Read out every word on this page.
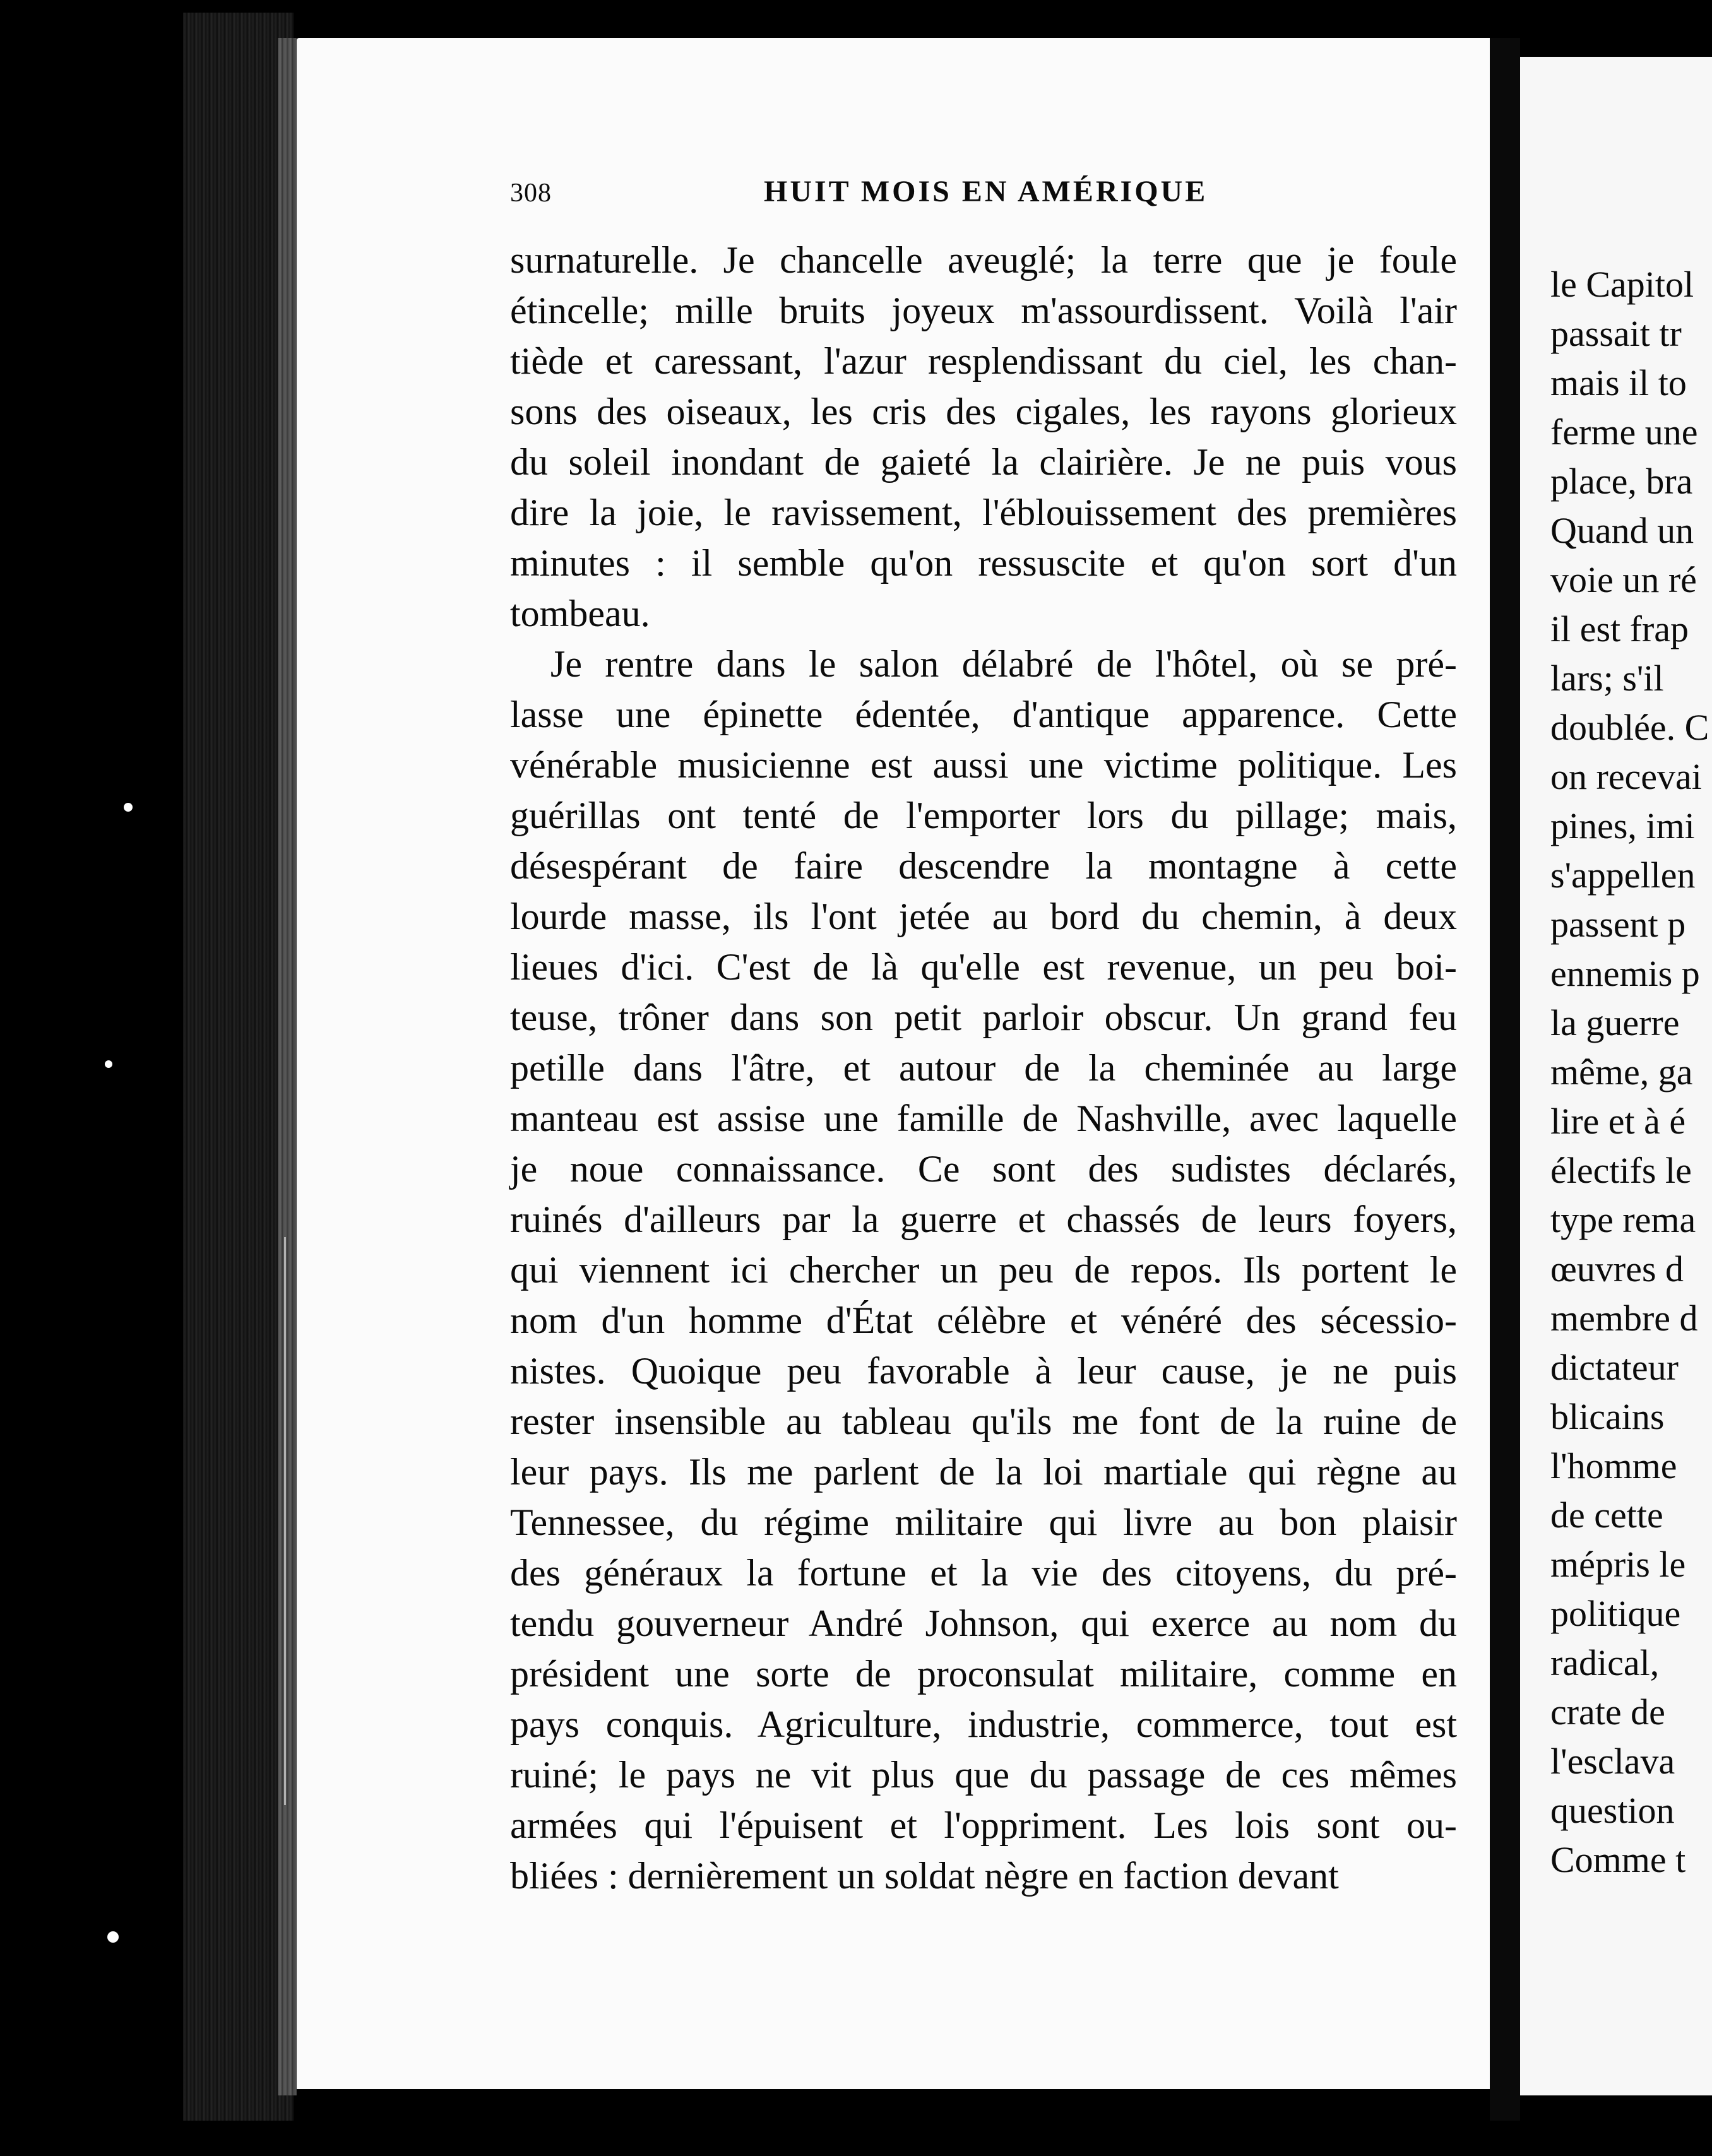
le Capitol
passait tr
mais il to
ferme une
place, bra
Quand un
voie un ré
il est frap
lars; s'il
doublée. C
on recevai
pines, imi
s'appellen
passent p
ennemis p
la guerre
même, ga
lire et à é
électifs le
type rema
œuvres d
membre d
dictateur
blicains
l'homme
de cette
mépris le
politique
radical,
crate de
l'esclava
question
Comme t
308	HUIT MOIS EN AMÉRIQUE
surnaturelle. Je chancelle aveuglé; la terre que je foule
étincelle; mille bruits joyeux m'assourdissent. Voilà l'air
tiède et caressant, l'azur resplendissant du ciel, les chan-
sons des oiseaux, les cris des cigales, les rayons glorieux
du soleil inondant de gaieté la clairière. Je ne puis vous
dire la joie, le ravissement, l'éblouissement des premières
minutes : il semble qu'on ressuscite et qu'on sort d'un
tombeau.
Je rentre dans le salon délabré de l'hôtel, où se pré-
lasse une épinette édentée, d'antique apparence. Cette
vénérable musicienne est aussi une victime politique. Les
guérillas ont tenté de l'emporter lors du pillage; mais,
désespérant de faire descendre la montagne à cette
lourde masse, ils l'ont jetée au bord du chemin, à deux
lieues d'ici. C'est de là qu'elle est revenue, un peu boi-
teuse, trôner dans son petit parloir obscur. Un grand feu
petille dans l'âtre, et autour de la cheminée au large
manteau est assise une famille de Nashville, avec laquelle
je noue connaissance. Ce sont des sudistes déclarés,
ruinés d'ailleurs par la guerre et chassés de leurs foyers,
qui viennent ici chercher un peu de repos. Ils portent le
nom d'un homme d'État célèbre et vénéré des sécessio-
nistes. Quoique peu favorable à leur cause, je ne puis
rester insensible au tableau qu'ils me font de la ruine de
leur pays. Ils me parlent de la loi martiale qui règne au
Tennessee, du régime militaire qui livre au bon plaisir
des généraux la fortune et la vie des citoyens, du pré-
tendu gouverneur André Johnson, qui exerce au nom du
président une sorte de proconsulat militaire, comme en
pays conquis. Agriculture, industrie, commerce, tout est
ruiné; le pays ne vit plus que du passage de ces mêmes
armées qui l'épuisent et l'oppriment. Les lois sont ou-
bliées : dernièrement un soldat nègre en faction devant
